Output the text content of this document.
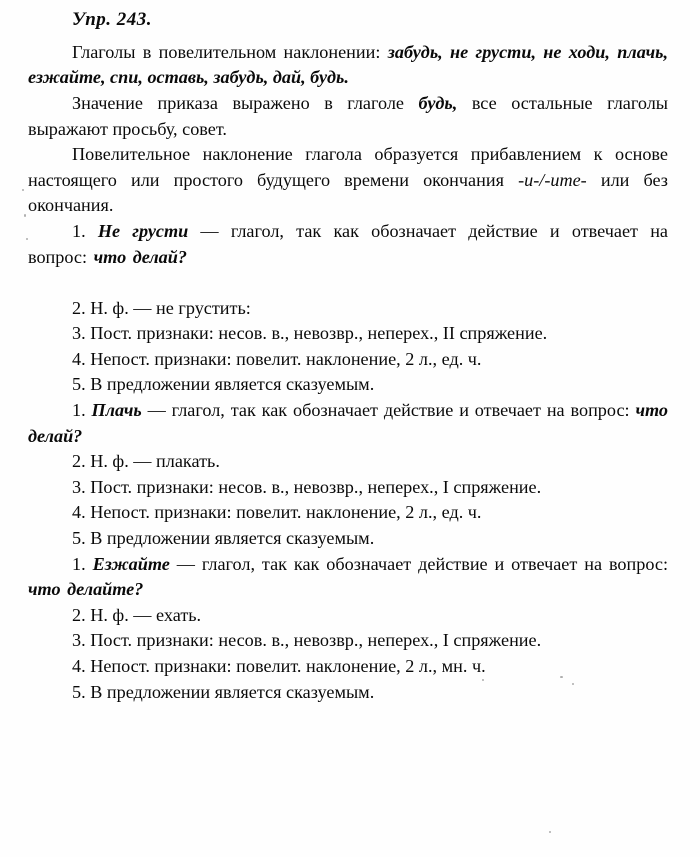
Упр. 243.

Глаголы в повелительном наклонении: забудь, не грусти, не ходи, плачь, езжайте, спи, оставь, забудь, дай, будь.

Значение приказа выражено в глаголе будь, все остальные глаголы выражают просьбу, совет.

Повелительное наклонение глагола образуется прибавлением к основе настоящего или простого будущего времени окончания -и-/-ите- или без окончания.

1. Не грусти — глагол, так как обозначает действие и отвечает на вопрос: что делай?

2. Н. ф. — не грустить:

3. Пост. признаки: несов. в., невозвр., неперех., II спряжение.

4. Непост. признаки: повелит. наклонение, 2 л., ед. ч.

5. В предложении является сказуемым.

1. Плачь — глагол, так как обозначает действие и отвечает на вопрос: что делай?

2. Н. ф. — плакать.

3. Пост. признаки: несов. в., невозвр., неперех., I спряжение.

4. Непост. признаки: повелит. наклонение, 2 л., ед. ч.

5. В предложении является сказуемым.

1. Езжайте — глагол, так как обозначает действие и отвечает на вопрос: что делайте?

2. Н. ф. — ехать.

3. Пост. признаки: несов. в., невозвр., неперех., I спряжение.

4. Непост. признаки: повелит. наклонение, 2 л., мн. ч.

5. В предложении является сказуемым.
